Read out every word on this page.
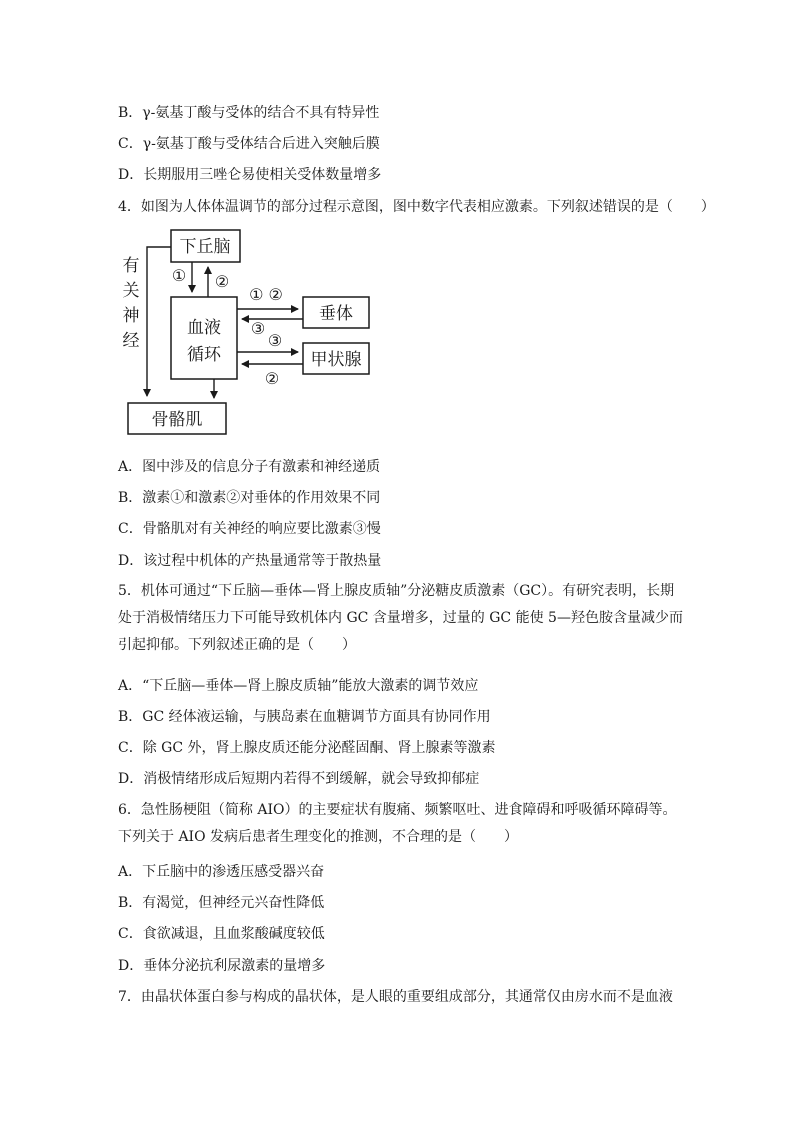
B．γ-氨基丁酸与受体的结合不具有特异性
C．γ-氨基丁酸与受体结合后进入突触后膜
D．长期服用三唑仑易使相关受体数量增多
4．如图为人体体温调节的部分过程示意图，图中数字代表相应激素。下列叙述错误的是（　　）
下丘脑
血液
循环
垂体
甲状腺
骨骼肌
有
关
神
经
① ②
① ②
③
③
②
A．图中涉及的信息分子有激素和神经递质
B．激素①和激素②对垂体的作用效果不同
C．骨骼肌对有关神经的响应要比激素③慢
D．该过程中机体的产热量通常等于散热量
5．机体可通过“下丘脑—垂体—肾上腺皮质轴”分泌糖皮质激素（GC）。有研究表明，长期
处于消极情绪压力下可能导致机体内 GC 含量增多，过量的 GC 能使 5—羟色胺含量减少而
引起抑郁。下列叙述正确的是（　　）
A．“下丘脑—垂体—肾上腺皮质轴”能放大激素的调节效应
B．GC 经体液运输，与胰岛素在血糖调节方面具有协同作用
C．除 GC 外，肾上腺皮质还能分泌醛固酮、肾上腺素等激素
D．消极情绪形成后短期内若得不到缓解，就会导致抑郁症
6．急性肠梗阻（简称 AIO）的主要症状有腹痛、频繁呕吐、进食障碍和呼吸循环障碍等。
下列关于 AIO 发病后患者生理变化的推测，不合理的是（　　）
A．下丘脑中的渗透压感受器兴奋
B．有渴觉，但神经元兴奋性降低
C．食欲减退，且血浆酸碱度较低
D．垂体分泌抗利尿激素的量增多
7．由晶状体蛋白参与构成的晶状体，是人眼的重要组成部分，其通常仅由房水而不是血液
